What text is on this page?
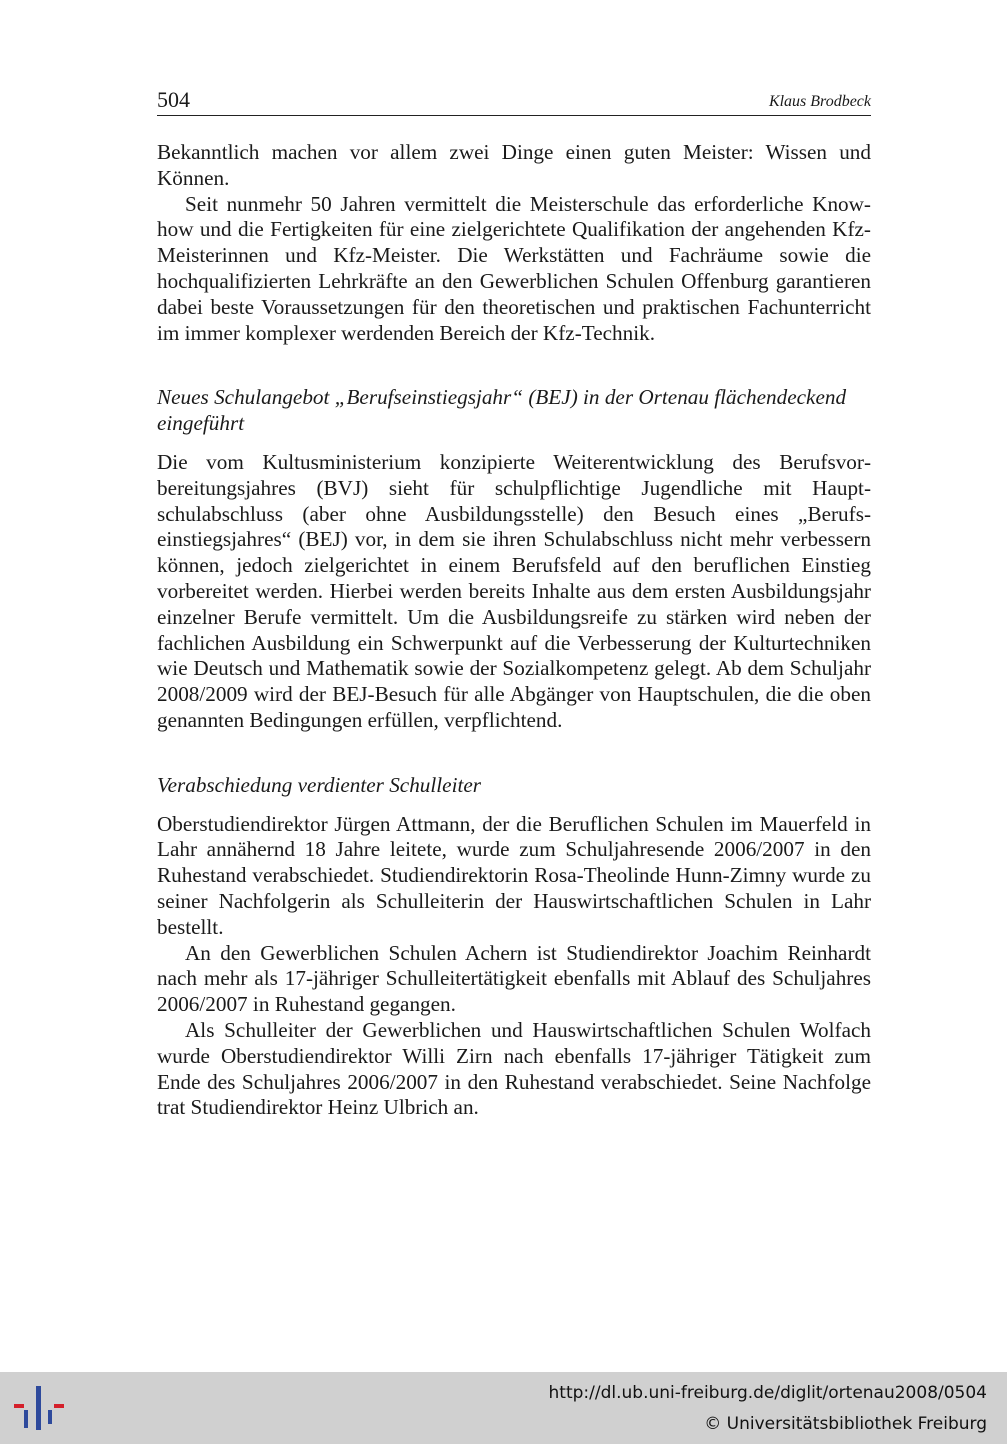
504	Klaus Brodbeck

Bekanntlich machen vor allem zwei Dinge einen guten Meister: Wissen und Können.

Seit nunmehr 50 Jahren vermittelt die Meisterschule das erforderliche Know-how und die Fertigkeiten für eine zielgerichtete Qualifikation der angehenden Kfz-Meisterinnen und Kfz-Meister. Die Werkstätten und Fachräume sowie die hochqualifizierten Lehrkräfte an den Gewerblichen Schulen Offenburg garantieren dabei beste Voraussetzungen für den theoretischen und praktischen Fachunterricht im immer komplexer werdenden Bereich der Kfz-Technik.

Neues Schulangebot „Berufseinstiegsjahr“ (BEJ) in der Ortenau flächendeckend eingeführt

Die vom Kultusministerium konzipierte Weiterentwicklung des Berufsvorbereitungsjahres (BVJ) sieht für schulpflichtige Jugendliche mit Hauptschulabschluss (aber ohne Ausbildungsstelle) den Besuch eines „Berufseinstiegsjahres“ (BEJ) vor, in dem sie ihren Schulabschluss nicht mehr verbessern können, jedoch zielgerichtet in einem Berufsfeld auf den beruflichen Einstieg vorbereitet werden. Hierbei werden bereits Inhalte aus dem ersten Ausbildungsjahr einzelner Berufe vermittelt. Um die Ausbildungsreife zu stärken wird neben der fachlichen Ausbildung ein Schwerpunkt auf die Verbesserung der Kulturtechniken wie Deutsch und Mathematik sowie der Sozialkompetenz gelegt. Ab dem Schuljahr 2008/2009 wird der BEJ-Besuch für alle Abgänger von Hauptschulen, die die oben genannten Bedingungen erfüllen, verpflichtend.

Verabschiedung verdienter Schulleiter

Oberstudiendirektor Jürgen Attmann, der die Beruflichen Schulen im Mauerfeld in Lahr annähernd 18 Jahre leitete, wurde zum Schuljahresende 2006/2007 in den Ruhestand verabschiedet. Studiendirektorin Rosa-Theolinde Hunn-Zimny wurde zu seiner Nachfolgerin als Schulleiterin der Hauswirtschaftlichen Schulen in Lahr bestellt.

An den Gewerblichen Schulen Achern ist Studiendirektor Joachim Reinhardt nach mehr als 17-jähriger Schulleitertätigkeit ebenfalls mit Ablauf des Schuljahres 2006/2007 in Ruhestand gegangen.

Als Schulleiter der Gewerblichen und Hauswirtschaftlichen Schulen Wolfach wurde Oberstudiendirektor Willi Zirn nach ebenfalls 17-jähriger Tätigkeit zum Ende des Schuljahres 2006/2007 in den Ruhestand verabschiedet. Seine Nachfolge trat Studiendirektor Heinz Ulbrich an.

http://dl.ub.uni-freiburg.de/diglit/ortenau2008/0504
© Universitätsbibliothek Freiburg
